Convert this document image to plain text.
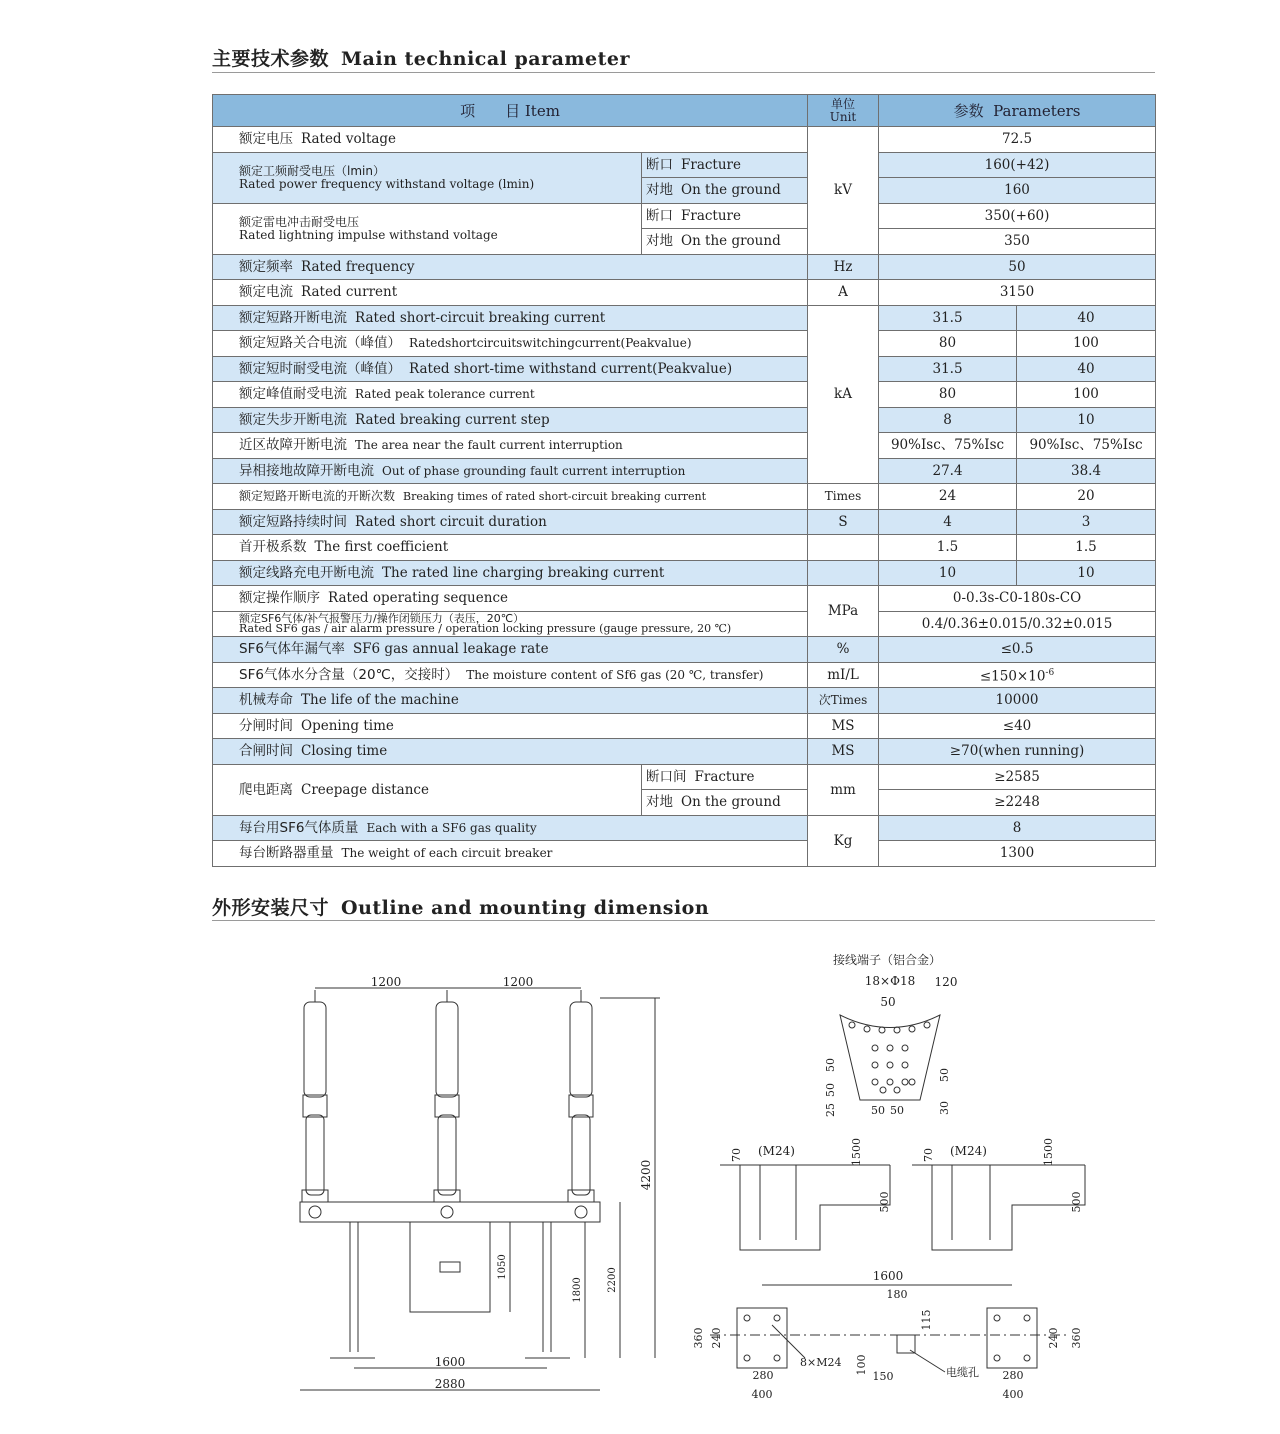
主要技术参数 Main technical parameter
项　　目 Item		单位
Unit	参数 Parameters	
额定电压 Rated voltage		kV	72.5	
额定工频耐受电压（lmin）
Rated power frequency withstand voltage (lmin)	断口 Fracture		160(+42)	
	对地 On the ground		160	
额定雷电冲击耐受电压
Rated lightning impulse withstand voltage	断口 Fracture		350(+60)	
	对地 On the ground		350	
额定频率 Rated frequency		Hz	50	
额定电流 Rated current		A	3150	
额定短路开断电流 Rated short-circuit breaking current		kA	31.5	40
额定短路关合电流（峰值） Ratedshortcircuitswitchingcurrent(Peakvalue)			80	100
额定短时耐受电流（峰值） Rated short-time withstand current(Peakvalue)			31.5	40
额定峰值耐受电流 Rated peak tolerance current			80	100
额定失步开断电流 Rated breaking current step			8	10
近区故障开断电流 The area near the fault current interruption			90%Isc、75%Isc	90%Isc、75%Isc
异相接地故障开断电流 Out of phase grounding fault current interruption			27.4	38.4
额定短路开断电流的开断次数 Breaking times of rated short-circuit breaking current		Times	24	20
额定短路持续时间 Rated short circuit duration		S	4	3
首开极系数 The first coefficient			1.5	1.5
额定线路充电开断电流 The rated line charging breaking current			10	10
额定操作顺序 Rated operating sequence		MPa	0-0.3s-C0-180s-CO	
额定SF6气体/补气报警压力/操作闭锁压力（表压，20℃）
Rated SF6 gas / air alarm pressure / operation locking pressure (gauge pressure, 20 ℃)			0.4/0.36±0.015/0.32±0.015	
SF6气体年漏气率 SF6 gas annual leakage rate		%	≤0.5	
SF6气体水分含量（20℃，交接时） The moisture content of Sf6 gas (20 ℃, transfer)		mI/L	$\le 150\times 10^{-6}$
机械寿命 The life of the machine		次Times	10000	
分闸时间 Opening time		MS	≤40	
合闸时间 Closing time		MS	≥70(when running)	
爬电距离 Creepage distance	断口间 Fracture	mm	≥2585	
	对地 On the ground		≥2248	
每台用SF6气体质量 Each with a SF6 gas quality		Kg	8	
每台断路器重量 The weight of each circuit breaker			1300	
外形安装尺寸 Outline and mounting dimension
1200	1200
4200
2200
1800
1050
1600
2880
接线端子（铝合金）
18×Φ18 120
50
50
50
25
50
30
50 50
(M24)
70	1500
500
(M24)
70	1500
500
1600
180
115
360 240	360
240
280
400
280
400
8×M24 100
150	电缆孔
